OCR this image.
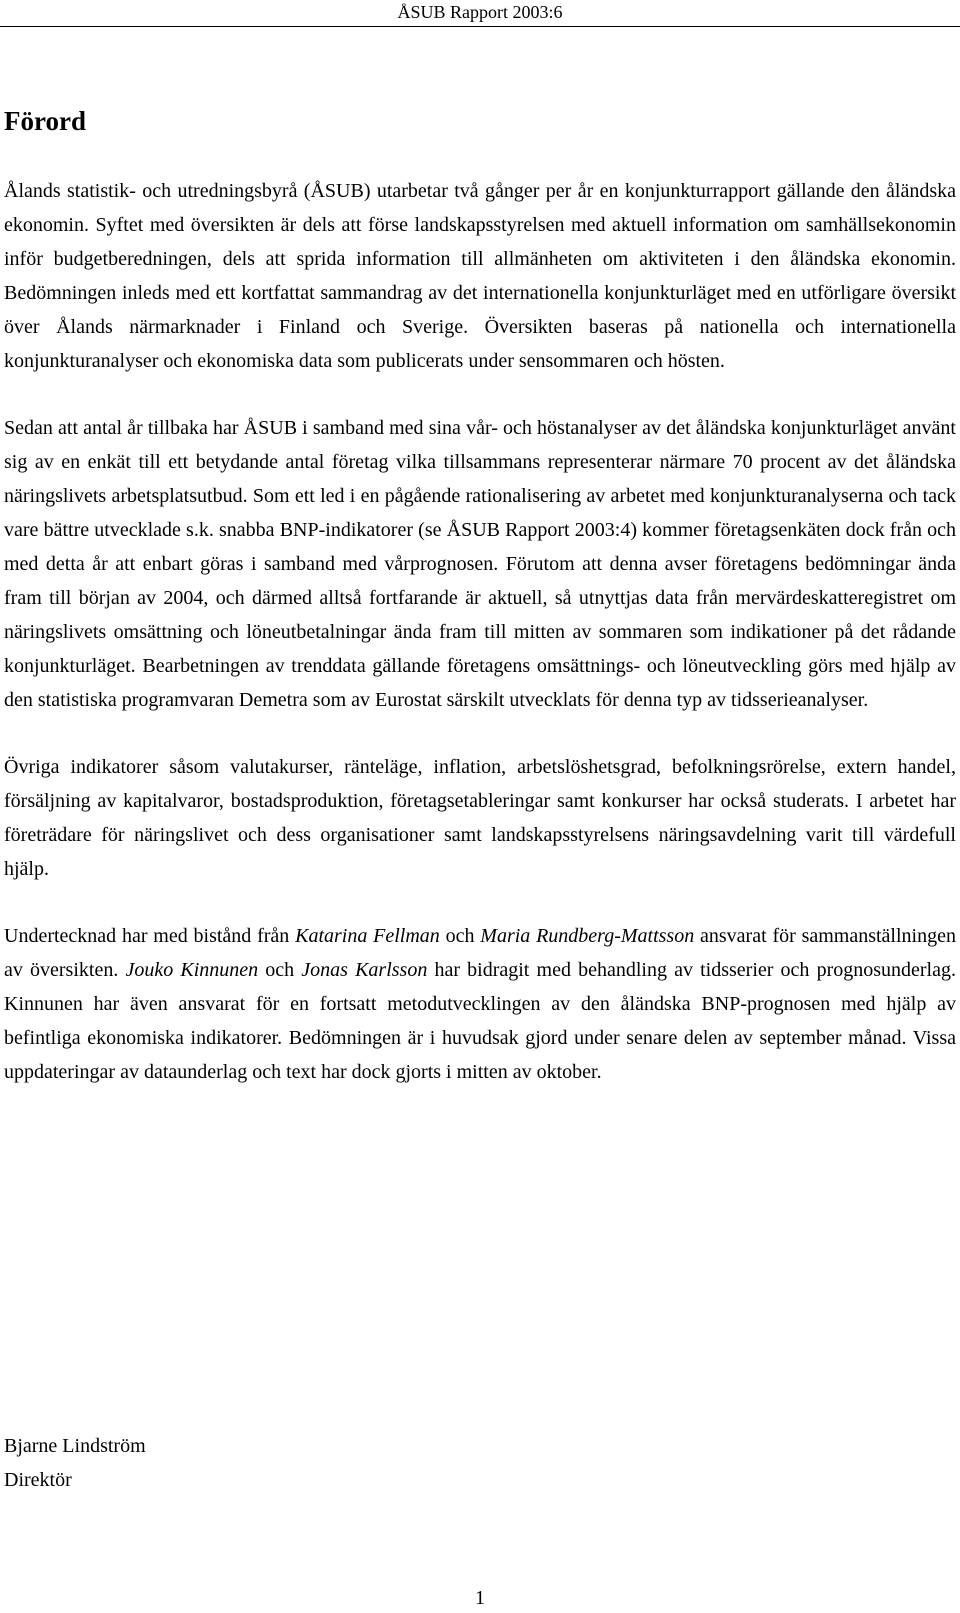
ÅSUB Rapport 2003:6
Förord

Ålands statistik- och utredningsbyrå (ÅSUB) utarbetar två gånger per år en konjunkturrapport gällande den åländska ekonomin. Syftet med översikten är dels att förse landskapsstyrelsen med aktuell information om samhällsekonomin inför budgetberedningen, dels att sprida information till allmänheten om aktiviteten i den åländska ekonomin. Bedömningen inleds med ett kortfattat sammandrag av det internationella konjunkturläget med en utförligare översikt över Ålands närmarknader i Finland och Sverige. Översikten baseras på nationella och internationella konjunkturanalyser och ekonomiska data som publicerats under sensommaren och hösten.

Sedan att antal år tillbaka har ÅSUB i samband med sina vår- och höstanalyser av det åländska konjunkturläget använt sig av en enkät till ett betydande antal företag vilka tillsammans representerar närmare 70 procent av det åländska näringslivets arbetsplatsutbud. Som ett led i en pågående rationalisering av arbetet med konjunkturanalyserna och tack vare bättre utvecklade s.k. snabba BNP-indikatorer (se ÅSUB Rapport 2003:4) kommer företagsenkäten dock från och med detta år att enbart göras i samband med vårprognosen. Förutom att denna avser företagens bedömningar ända fram till början av 2004, och därmed alltså fortfarande är aktuell, så utnyttjas data från mervärdeskatteregistret om näringslivets omsättning och löneutbetalningar ända fram till mitten av sommaren som indikationer på det rådande konjunkturläget. Bearbetningen av trenddata gällande företagens omsättnings- och löneutveckling görs med hjälp av den statistiska programvaran Demetra som av Eurostat särskilt utvecklats för denna typ av tidsserieanalyser.

Övriga indikatorer såsom valutakurser, ränteläge, inflation, arbetslöshetsgrad, befolkningsrörelse, extern handel, försäljning av kapitalvaror, bostadsproduktion, företagsetableringar samt konkurser har också studerats. I arbetet har företrädare för näringslivet och dess organisationer samt landskapsstyrelsens näringsavdelning varit till värdefull hjälp.

Undertecknad har med bistånd från Katarina Fellman och Maria Rundberg-Mattsson ansvarat för sammanställningen av översikten. Jouko Kinnunen och Jonas Karlsson har bidragit med behandling av tidsserier och prognosunderlag. Kinnunen har även ansvarat för en fortsatt metodutvecklingen av den åländska BNP-prognosen med hjälp av befintliga ekonomiska indikatorer. Bedömningen är i huvudsak gjord under senare delen av september månad. Vissa uppdateringar av dataunderlag och text har dock gjorts i mitten av oktober.

Bjarne Lindström
Direktör
1
